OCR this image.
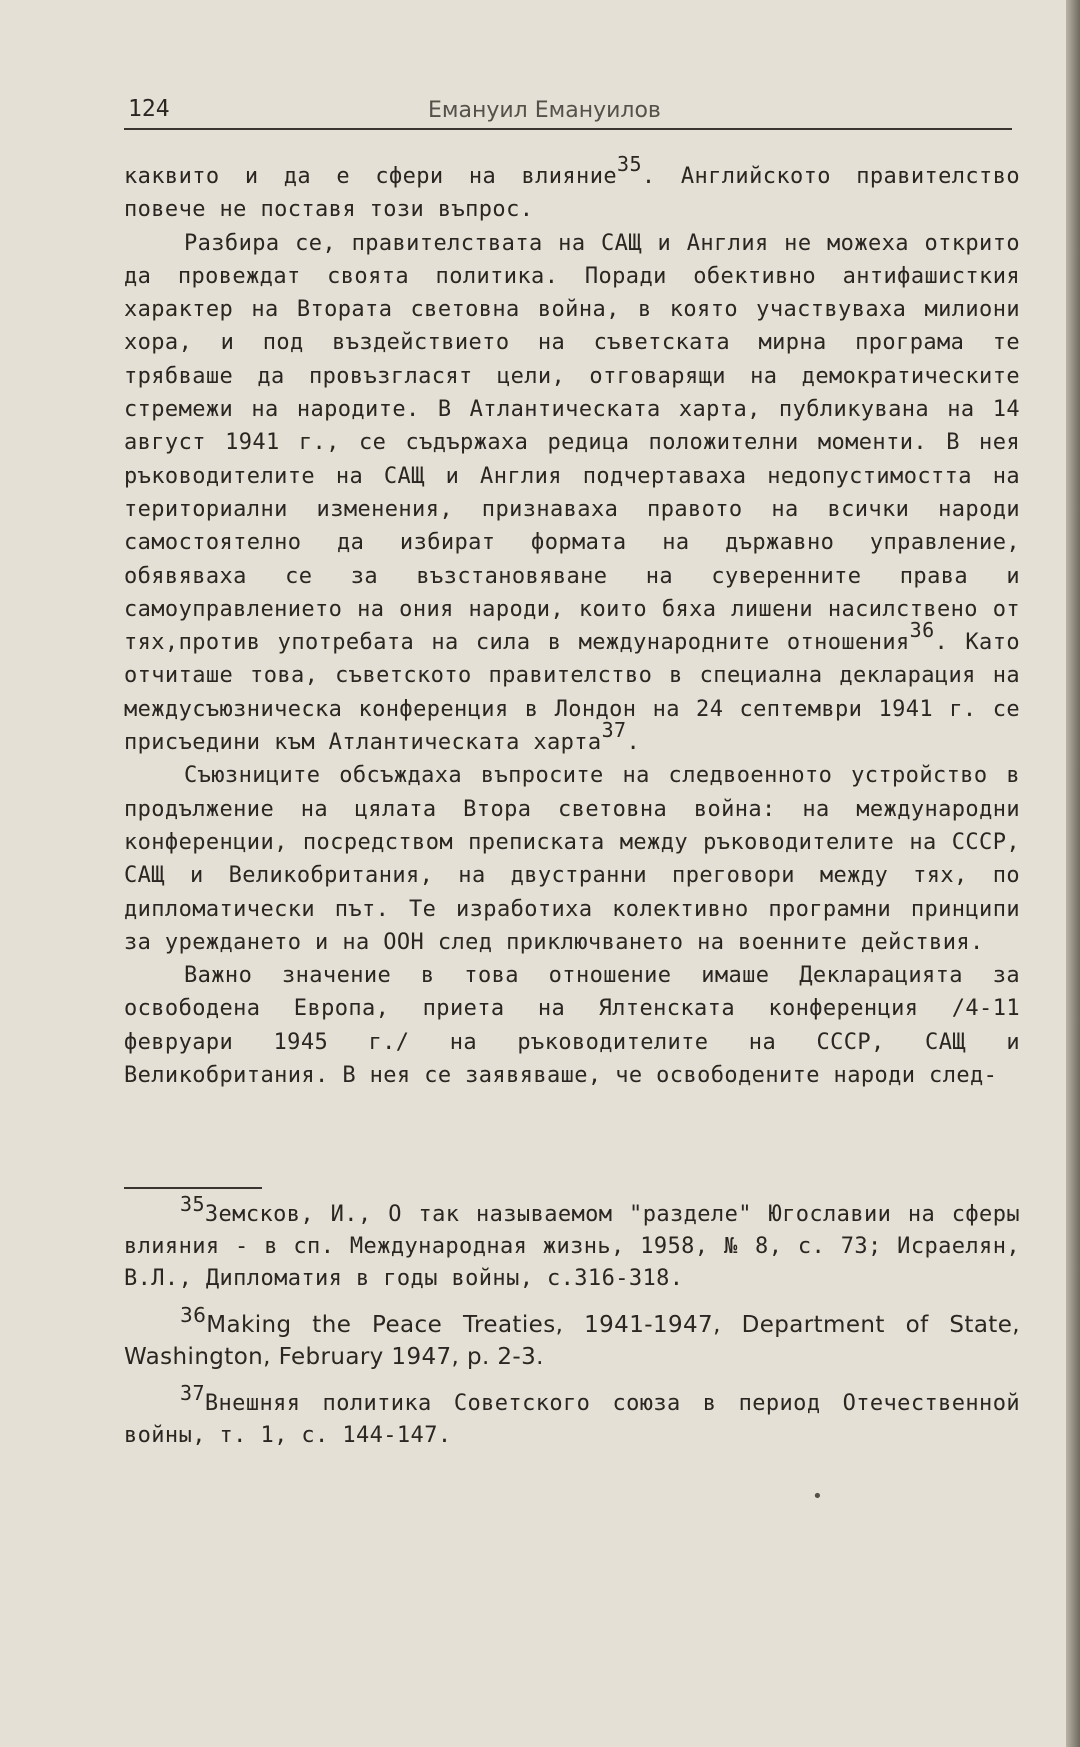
124	Емануил Емануилов

каквито и да е сфери на влияние$^{35}$. Английското правителство повече не поставя този въпрос.

Разбира се, правителствата на САЩ и Англия не можеха открито да провеждат своята политика. Поради обективно антифашисткия характер на Втората световна война, в която участвуваха милиони хора, и под въздействието на съветската мирна програма те трябваше да провъзгласят цели, отговарящи на демократическите стремежи на народите. В Атлантическата харта, публикувана на 14 август 1941 г., се съдържаха редица положителни моменти. В нея ръководителите на САЩ и Англия подчертаваха недопустимостта на териториални изменения, признаваха правото на всички народи самостоятелно да избират формата на държавно управление, обявяваха се за възстановяване на суверенните права и самоуправлението на ония народи, които бяха лишени насилствено от тях,против употребата на сила в международните отношения$^{36}$. Като отчиташе това, съветското правителство в специална декларация на междусъюзническа конференция в Лондон на 24 септември 1941 г. се присъедини към Атлантическата харта$^{37}$.

Съюзниците обсъждаха въпросите на следвоенното устройство в продължение на цялата Втора световна война: на международни конференции, посредством преписката между ръководителите на СССР, САЩ и Великобритания, на двустранни преговори между тях, по дипломатически път. Те изработиха колективно програмни принципи за уреждането и на ООН след приключването на военните действия.

Важно значение в това отношение имаше Декларацията за освободена Европа, приета на Ялтенската конференция /4-11 февруари 1945 г./ на ръководителите на СССР, САЩ и Великобритания. В нея се заявяваше, че освободените народи след-

35Земсков, И., О так называемом "разделе" Югославии на сферы влияния - в сп. Международная жизнь, 1958, № 8, с. 73; Исраелян, В.Л., Дипломатия в годы войны, с.316-318.

36Making the Peace Treaties, 1941-1947, Department of State, Washington, February 1947, p. 2-3.

37Внешняя политика Советского союза в период Отечественной войны, т. 1, с. 144-147.

•
